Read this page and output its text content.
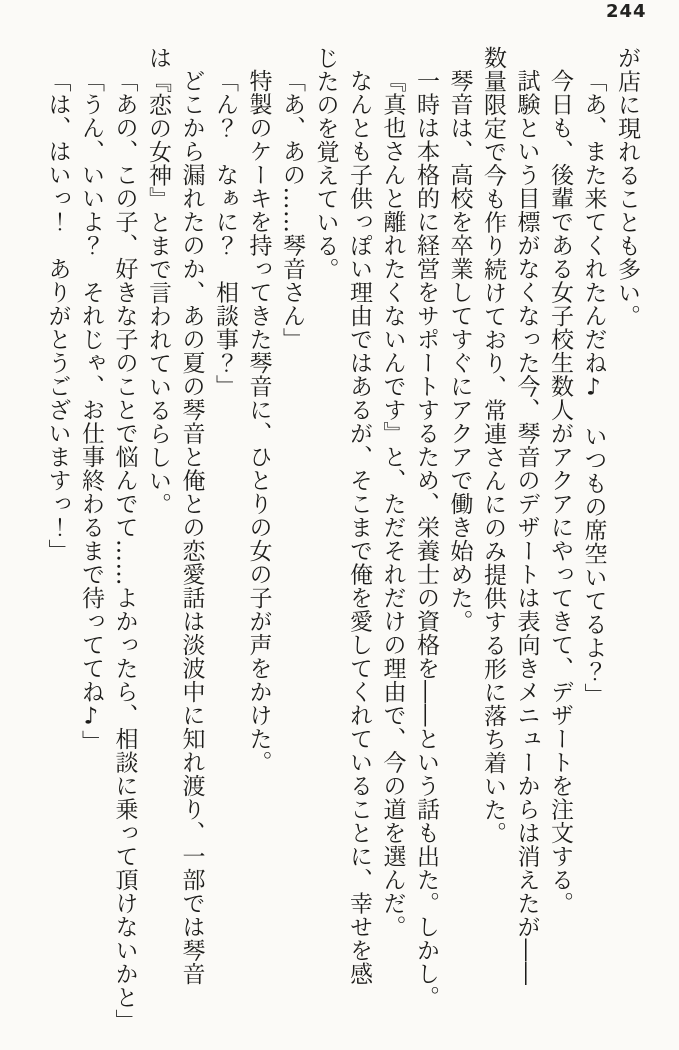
244

が店に現れることも多い。

「あ、また来てくれたんだね♪　いつもの席空いてるよ？」

今日も、後輩である女子校生数人がアクアにやってきて、デザートを注文する。

試験という目標がなくなった今、琴音のデザートは表向きメニューからは消えたが――

数量限定で今も作り続けており、常連さんにのみ提供する形に落ち着いた。

琴音は、高校を卒業してすぐにアクアで働き始めた。

一時は本格的に経営をサポートするため、栄養士の資格を――という話も出た。しかし。

『真也さんと離れたくないんです』と、ただそれだけの理由で、今の道を選んだ。

なんとも子供っぽい理由ではあるが、そこまで俺を愛してくれていることに、幸せを感

じたのを覚えている。

「あ、あの……琴音さん」

特製のケーキを持ってきた琴音に、ひとりの女の子が声をかけた。

「ん？　なぁに？　相談事？」

どこから漏れたのか、あの夏の琴音と俺との恋愛話は淡波中に知れ渡り、一部では琴音

は『恋の女神』とまで言われているらしい。

「あの、この子、好きな子のことで悩んでて……よかったら、相談に乗って頂けないかと」

「うん、いいよ？　それじゃ、お仕事終わるまで待っててね♪」

「は、はいっ！　ありがとうございますっ！」
